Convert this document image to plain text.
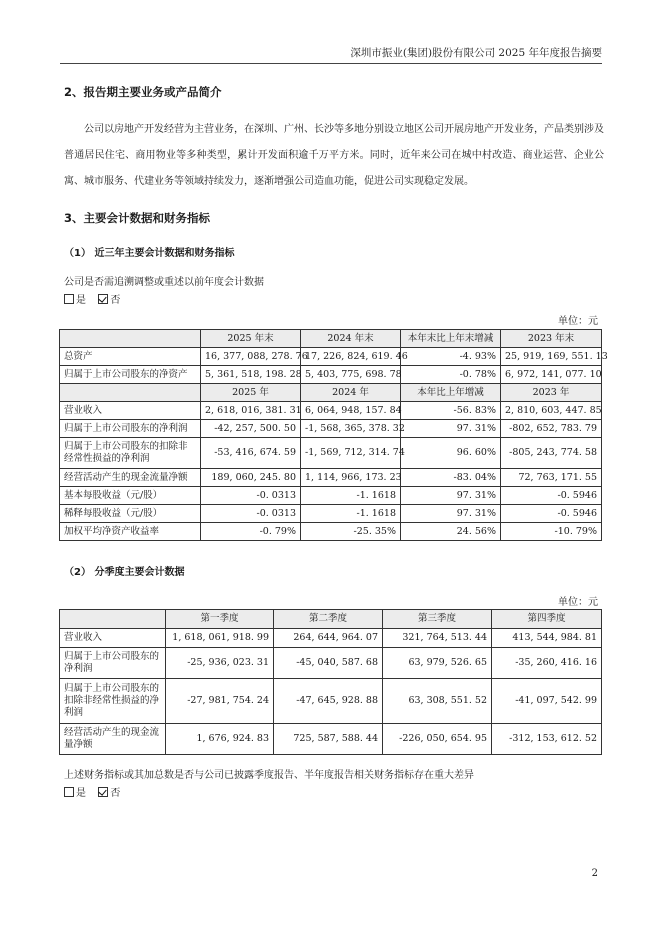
深圳市振业(集团)股份有限公司 2025 年年度报告摘要
2、报告期主要业务或产品简介
公司以房地产开发经营为主营业务，在深圳、广州、长沙等多地分别设立地区公司开展房地产开发业务，产品类别涉及普通居民住宅、商用物业等多种类型，累计开发面积逾千万平方米。同时，近年来公司在城中村改造、商业运营、企业公寓、城市服务、代建业务等领域持续发力，逐渐增强公司造血功能，促进公司实现稳定发展。
3、主要会计数据和财务指标
（1） 近三年主要会计数据和财务指标
公司是否需追溯调整或重述以前年度会计数据
是 否
单位：元
	2025 年末	2024 年末	本年末比上年末增减	2023 年末
总资产	16, 377, 088, 278. 76	17, 226, 824, 619. 46	-4. 93%	25, 919, 169, 551. 13
归属于上市公司股东的净资产	5, 361, 518, 198. 28	5, 403, 775, 698. 78	-0. 78%	6, 972, 141, 077. 10
	2025 年	2024 年	本年比上年增减	2023 年
营业收入	2, 618, 016, 381. 31	6, 064, 948, 157. 84	-56. 83%	2, 810, 603, 447. 85
归属于上市公司股东的净利润	-42, 257, 500. 50	-1, 568, 365, 378. 32	97. 31%	-802, 652, 783. 79
归属于上市公司股东的扣除非经常性损益的净利润	-53, 416, 674. 59	-1, 569, 712, 314. 74	96. 60%	-805, 243, 774. 58
经营活动产生的现金流量净额	189, 060, 245. 80	1, 114, 966, 173. 23	-83. 04%	72, 763, 171. 55
基本每股收益（元/股）	-0. 0313	-1. 1618	97. 31%	-0. 5946
稀释每股收益（元/股）	-0. 0313	-1. 1618	97. 31%	-0. 5946
加权平均净资产收益率	-0. 79%	-25. 35%	24. 56%	-10. 79%
（2） 分季度主要会计数据
单位：元
	第一季度	第二季度	第三季度	第四季度
营业收入	1, 618, 061, 918. 99	264, 644, 964. 07	321, 764, 513. 44	413, 544, 984. 81
归属于上市公司股东的净利润	-25, 936, 023. 31	-45, 040, 587. 68	63, 979, 526. 65	-35, 260, 416. 16
归属于上市公司股东的扣除非经常性损益的净利润	-27, 981, 754. 24	-47, 645, 928. 88	63, 308, 551. 52	-41, 097, 542. 99
经营活动产生的现金流量净额	1, 676, 924. 83	725, 587, 588. 44	-226, 050, 654. 95	-312, 153, 612. 52
上述财务指标或其加总数是否与公司已披露季度报告、半年度报告相关财务指标存在重大差异
是 否
2
